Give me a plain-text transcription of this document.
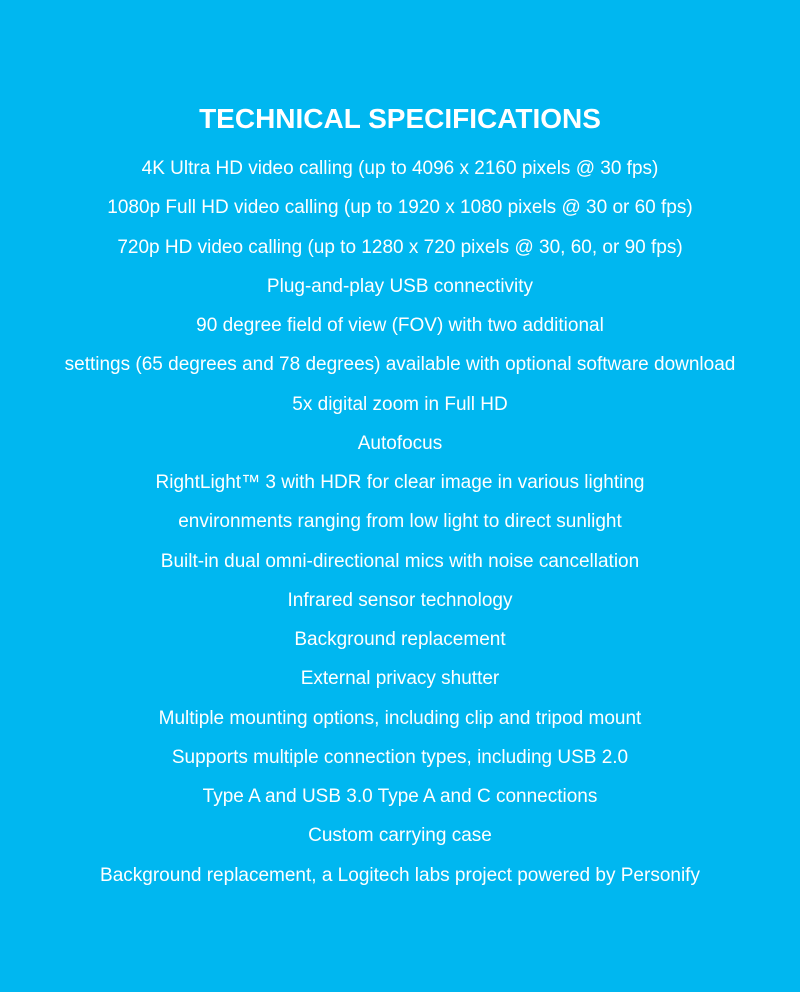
TECHNICAL SPECIFICATIONS
4K Ultra HD video calling (up to 4096 x 2160 pixels @ 30 fps)
1080p Full HD video calling (up to 1920 x 1080 pixels @ 30 or 60 fps)
720p HD video calling (up to 1280 x 720 pixels @ 30, 60, or 90 fps)
Plug-and-play USB connectivity
90 degree field of view (FOV) with two additional
settings (65 degrees and 78 degrees) available with optional software download
5x digital zoom in Full HD
Autofocus
RightLight™ 3 with HDR for clear image in various lighting
environments ranging from low light to direct sunlight
Built-in dual omni-directional mics with noise cancellation
Infrared sensor technology
Background replacement
External privacy shutter
Multiple mounting options, including clip and tripod mount
Supports multiple connection types, including USB 2.0
Type A and USB 3.0 Type A and C connections
Custom carrying case
Background replacement, a Logitech labs project powered by Personify
